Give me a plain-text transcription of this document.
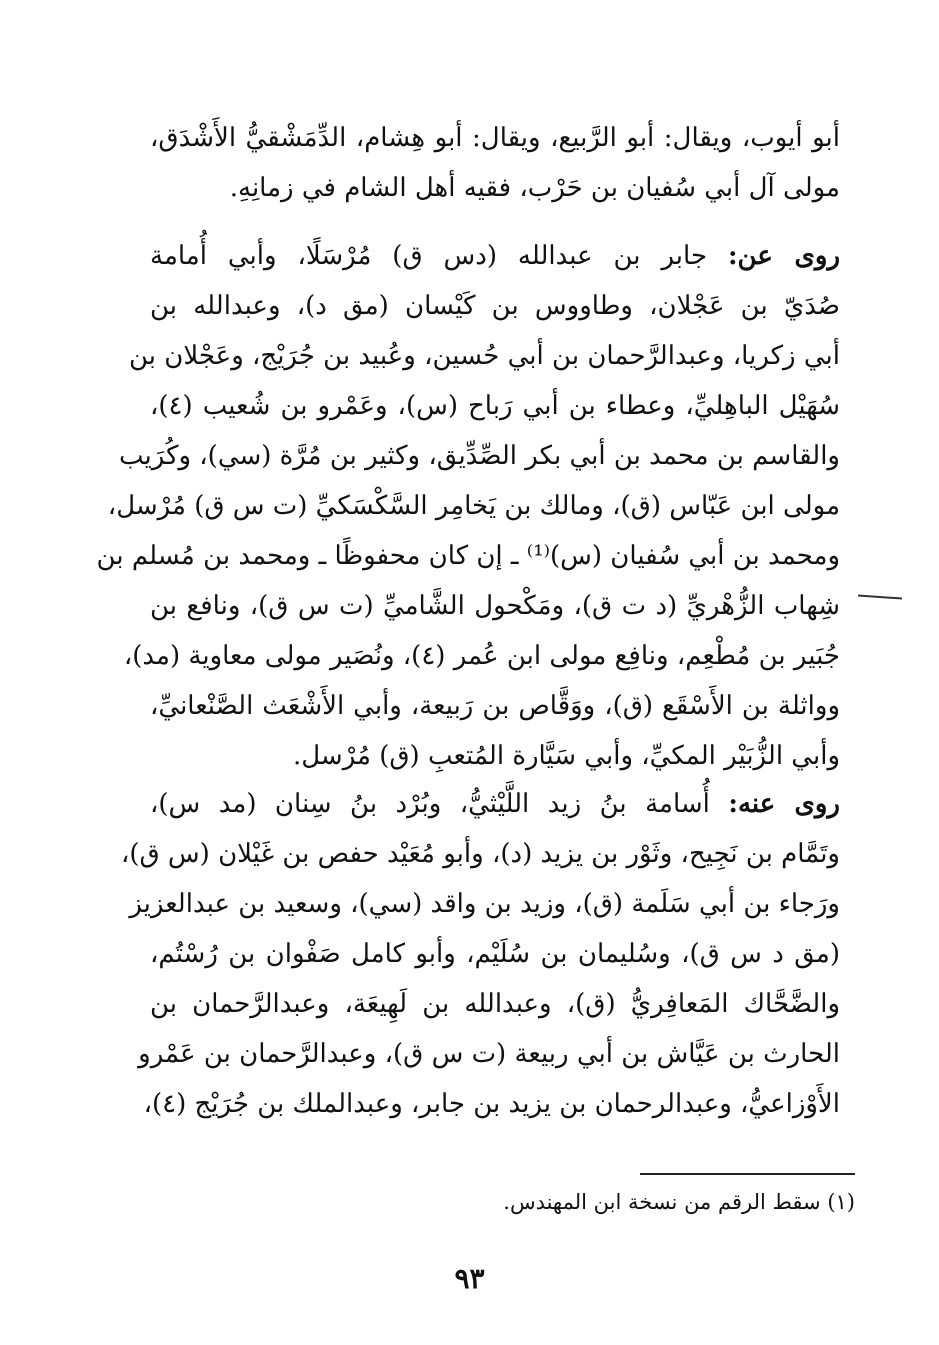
أبو أيوب، ويقال: أبو الرَّبيع، ويقال: أبو هِشام، الدِّمَشْقيُّ الأَشْدَق،
مولى آل أبي سُفيان بن حَرْب، فقيه أهل الشام في زمانِهِ.
روى عن: جابر بن عبدالله (دس ق) مُرْسَلًا، وأبي أُمامة
صُدَيّ بن عَجْلان، وطاووس بن كَيْسان (مق د)، وعبدالله بن
أبي زكريا، وعبدالرَّحمان بن أبي حُسين، وعُبيد بن جُرَيْج، وعَجْلان بن
سُهَيْل الباهِليِّ، وعطاء بن أبي رَباح (س)، وعَمْرو بن شُعيب (٤)،
والقاسم بن محمد بن أبي بكر الصِّدِّيق، وكثير بن مُرَّة (سي)، وكُرَيب
مولى ابن عَبّاس (ق)، ومالك بن يَخامِر السَّكْسَكيِّ (ت س ق) مُرْسل،
ومحمد بن أبي سُفيان (س)⁽¹⁾ ـ إن كان محفوظًا ـ ومحمد بن مُسلم بن
شِهاب الزُّهْريِّ (د ت ق)، ومَكْحول الشَّاميِّ (ت س ق)، ونافع بن
جُبَير بن مُطْعِم، ونافِع مولى ابن عُمر (٤)، ونُصَير مولى معاوية (مد)،
وواثلة بن الأَسْقَع (ق)، ووَقَّاص بن رَبيعة، وأبي الأَشْعَث الصَّنْعانيِّ،
وأبي الزُّبَيْر المكيِّ، وأبي سَيَّارة المُتعبِ (ق) مُرْسل.
روى عنه: أُسامة بنُ زيد اللَّيْثيُّ، وبُرْد بنُ سِنان (مد س)،
وتَمَّام بن نَجِيح، وثَوْر بن يزيد (د)، وأبو مُعَيْد حفص بن غَيْلان (س ق)،
ورَجاء بن أبي سَلَمة (ق)، وزيد بن واقد (سي)، وسعيد بن عبدالعزيز
(مق د س ق)، وسُليمان بن سُلَيْم، وأبو كامل صَفْوان بن رُسْتُم،
والضَّحَّاك المَعافِريُّ (ق)، وعبدالله بن لَهِيعَة، وعبدالرَّحمان بن
الحارث بن عَيَّاش بن أبي ربيعة (ت س ق)، وعبدالرَّحمان بن عَمْرو
الأَوْزاعيُّ، وعبدالرحمان بن يزيد بن جابر، وعبدالملك بن جُرَيْج (٤)،
(١) سقط الرقم من نسخة ابن المهندس.
٩٣
